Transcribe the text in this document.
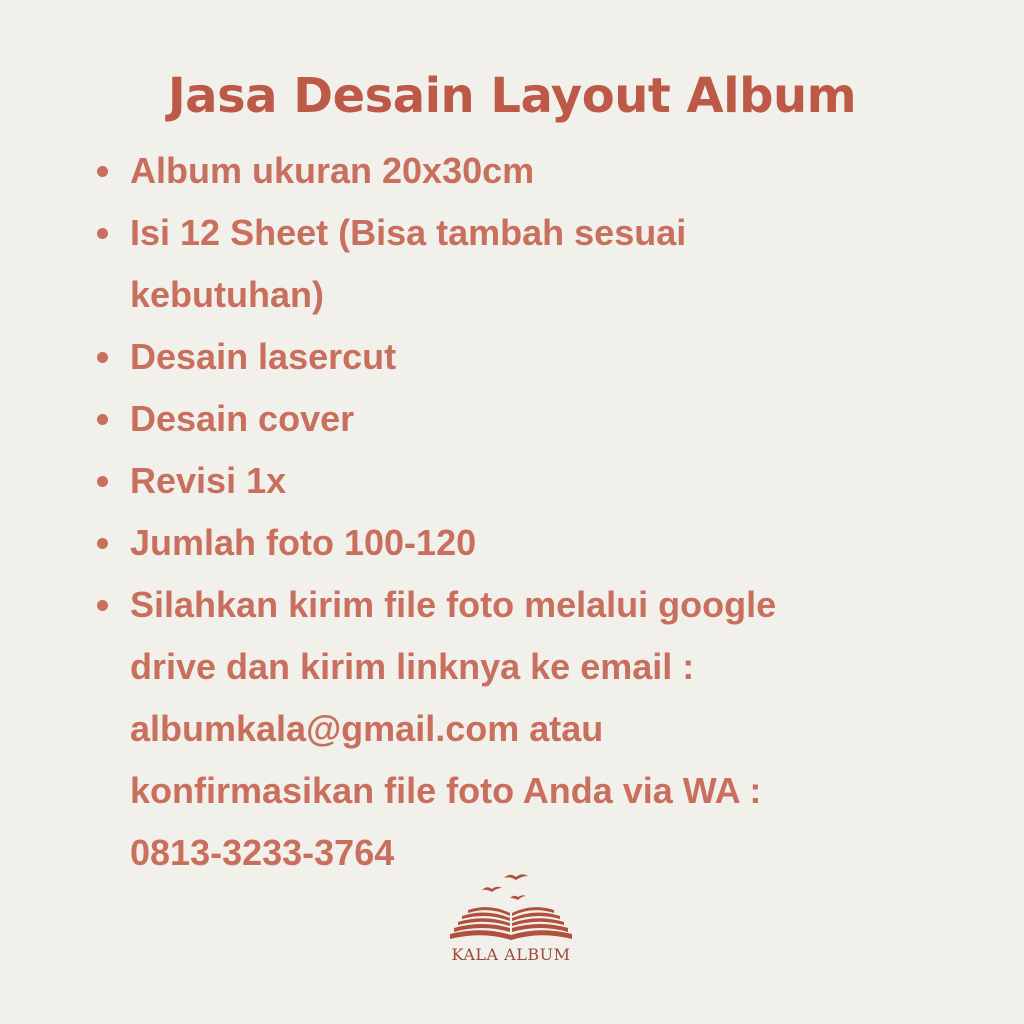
Jasa Desain Layout Album
Album ukuran 20x30cm
Isi 12 Sheet (Bisa tambah sesuai
kebutuhan)
Desain lasercut
Desain cover
Revisi 1x
Jumlah foto 100-120
Silahkan kirim file foto melalui google
drive dan kirim linknya ke email :
albumkala@gmail.com atau
konfirmasikan file foto Anda via WA :
0813-3233-3764
KALA ALBUM
